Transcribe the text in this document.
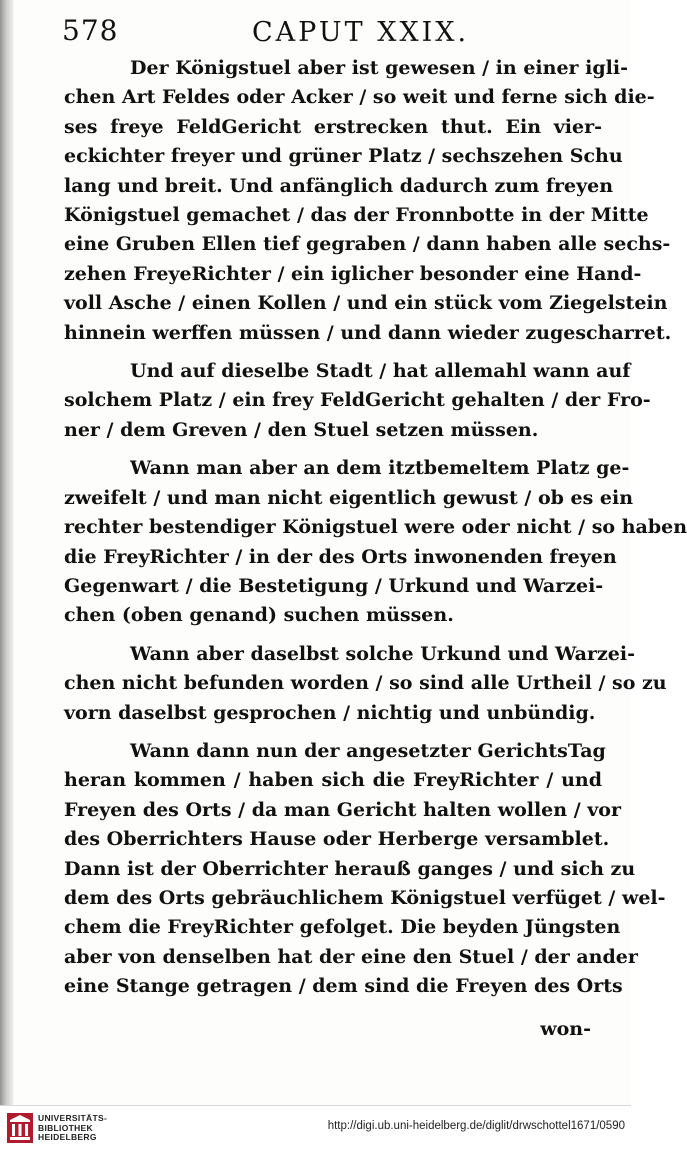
578	CAPUT XXIX.

Der Königstuel aber ist gewesen / in einer igli-
chen Art Feldes oder Acker / so weit und ferne sich die-
ses freye FeldGericht erstrecken thut. Ein vier-
eckichter freyer und grüner Platz / sechszehen Schu
lang und breit. Und anfänglich dadurch zum freyen
Königstuel gemachet / das der Fronnbotte in der Mitte
eine Gruben Ellen tief gegraben / dann haben alle sechs-
zehen FreyeRichter / ein iglicher besonder eine Hand-
voll Asche / einen Kollen / und ein stück vom Ziegelstein
hinnein werffen müssen / und dann wieder zugescharret.

Und auf dieselbe Stadt / hat allemahl wann auf
solchem Platz / ein frey FeldGericht gehalten / der Fro-
ner / dem Greven / den Stuel setzen müssen.

Wann man aber an dem itztbemeltem Platz ge-
zweifelt / und man nicht eigentlich gewust / ob es ein
rechter bestendiger Königstuel were oder nicht / so haben
die FreyRichter / in der des Orts inwonenden freyen
Gegenwart / die Bestetigung / Urkund und Warzei-
chen (oben genand) suchen müssen.

Wann aber daselbst solche Urkund und Warzei-
chen nicht befunden worden / so sind alle Urtheil / so zu
vorn daselbst gesprochen / nichtig und unbündig.

Wann dann nun der angesetzter GerichtsTag
heran kommen / haben sich die FreyRichter / und
Freyen des Orts / da man Gericht halten wollen / vor
des Oberrichters Hause oder Herberge versamblet.
Dann ist der Oberrichter herauß ganges / und sich zu
dem des Orts gebräuchlichem Königstuel verfüget / wel-
chem die FreyRichter gefolget. Die beyden Jüngsten
aber von denselben hat der eine den Stuel / der ander
eine Stange getragen / dem sind die Freyen des Orts

won-
UNIVERSITÄTS-
BIBLIOTHEK
HEIDELBERG
http://digi.ub.uni-heidelberg.de/diglit/drwschottel1671/0590
